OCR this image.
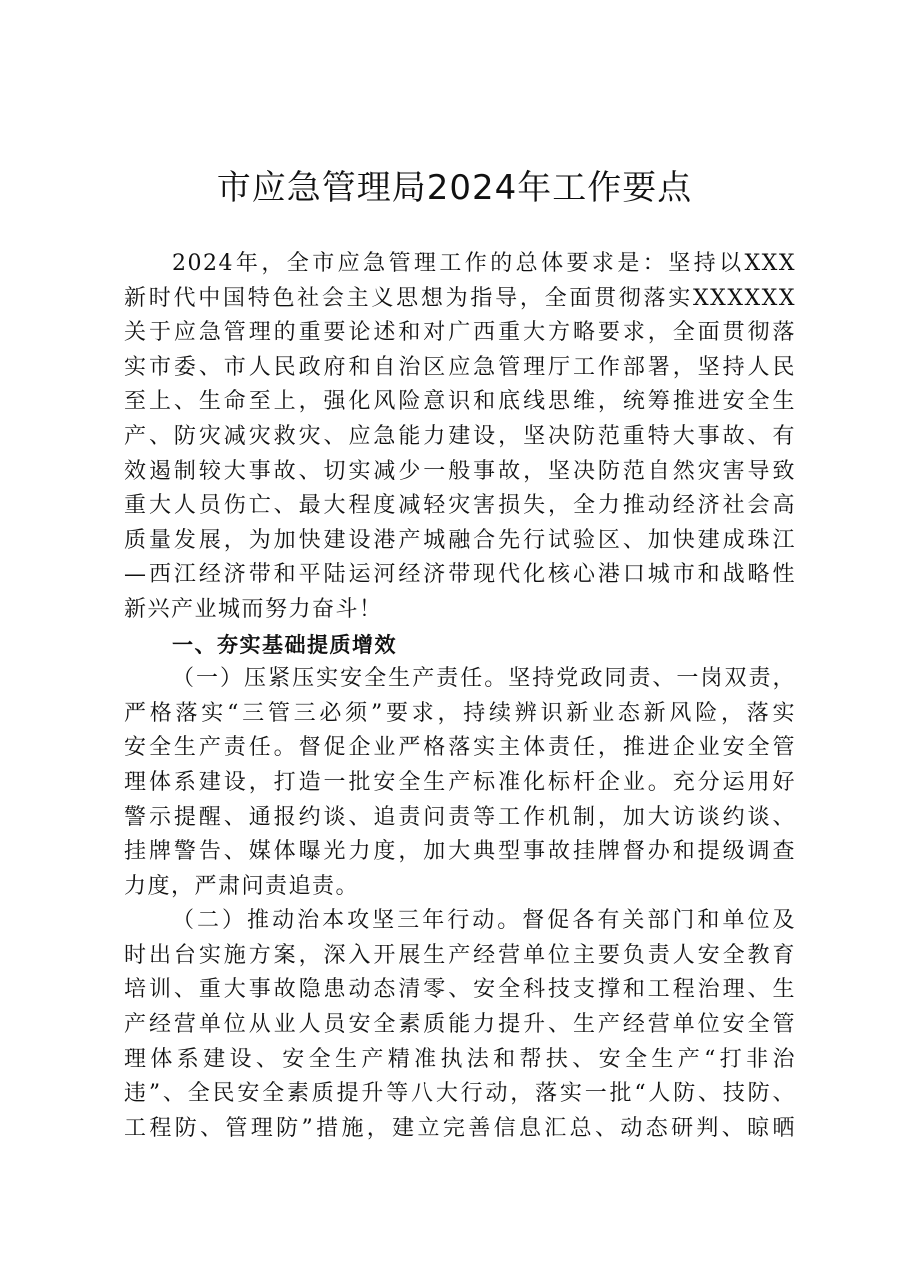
市应急管理局2024年工作要点
2024年，全市应急管理工作的总体要求是：坚持以XXX
新时代中国特色社会主义思想为指导，全面贯彻落实XXXXXX
关于应急管理的重要论述和对广西重大方略要求，全面贯彻落
实市委、市人民政府和自治区应急管理厅工作部署，坚持人民
至上、生命至上，强化风险意识和底线思维，统筹推进安全生
产、防灾减灾救灾、应急能力建设，坚决防范重特大事故、有
效遏制较大事故、切实减少一般事故，坚决防范自然灾害导致
重大人员伤亡、最大程度减轻灾害损失，全力推动经济社会高
质量发展，为加快建设港产城融合先行试验区、加快建成珠江
—西江经济带和平陆运河经济带现代化核心港口城市和战略性
新兴产业城而努力奋斗！
一、夯实基础提质增效
（一）压紧压实安全生产责任。坚持党政同责、一岗双责，
严格落实“三管三必须”要求，持续辨识新业态新风险，落实
安全生产责任。督促企业严格落实主体责任，推进企业安全管
理体系建设，打造一批安全生产标准化标杆企业。充分运用好
警示提醒、通报约谈、追责问责等工作机制，加大访谈约谈、
挂牌警告、媒体曝光力度，加大典型事故挂牌督办和提级调查
力度，严肃问责追责。
（二）推动治本攻坚三年行动。督促各有关部门和单位及
时出台实施方案，深入开展生产经营单位主要负责人安全教育
培训、重大事故隐患动态清零、安全科技支撑和工程治理、生
产经营单位从业人员安全素质能力提升、生产经营单位安全管
理体系建设、安全生产精准执法和帮扶、安全生产“打非治
违”、全民安全素质提升等八大行动，落实一批“人防、技防、
工程防、管理防”措施，建立完善信息汇总、动态研判、晾晒
